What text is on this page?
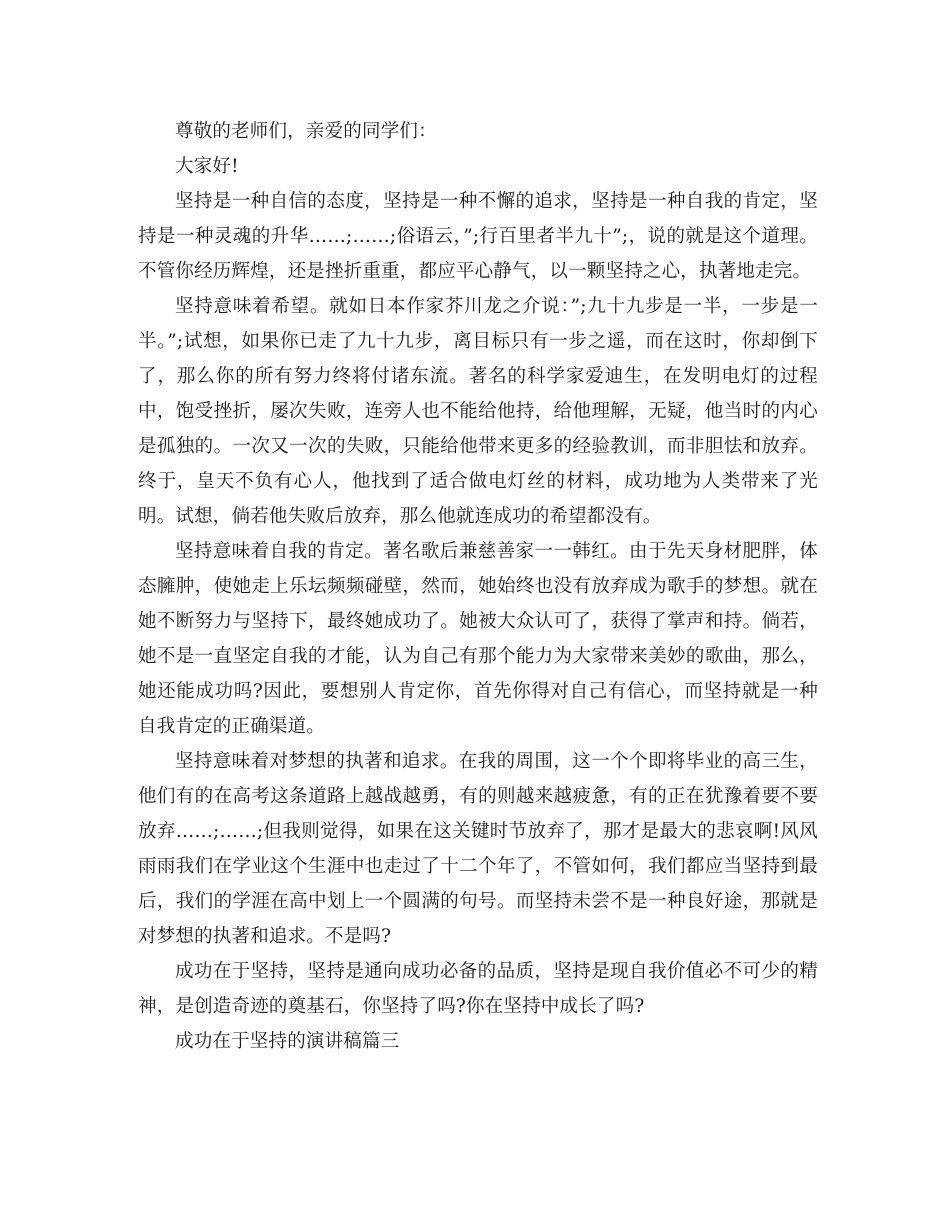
尊敬的老师们，亲爱的同学们：

大家好!

坚持是一种自信的态度，坚持是一种不懈的追求，坚持是一种自我的肯定，坚持是一种灵魂的升华……;……;俗语云，”;行百里者半九十”;，说的就是这个道理。不管你经历辉煌，还是挫折重重，都应平心静气，以一颗坚持之心，执著地走完。

坚持意味着希望。就如日本作家芥川龙之介说：”;九十九步是一半，一步是一半。”;试想，如果你已走了九十九步，离目标只有一步之遥，而在这时，你却倒下了，那么你的所有努力终将付诸东流。著名的科学家爱迪生，在发明电灯的过程中，饱受挫折，屡次失败，连旁人也不能给他持，给他理解，无疑，他当时的内心是孤独的。一次又一次的失败，只能给他带来更多的经验教训，而非胆怯和放弃。终于，皇天不负有心人，他找到了适合做电灯丝的材料，成功地为人类带来了光明。试想，倘若他失败后放弃，那么他就连成功的希望都没有。

坚持意味着自我的肯定。著名歌后兼慈善家一一韩红。由于先天身材肥胖，体态臃肿，使她走上乐坛频频碰壁，然而，她始终也没有放弃成为歌手的梦想。就在她不断努力与坚持下，最终她成功了。她被大众认可了，获得了掌声和持。倘若，她不是一直坚定自我的才能，认为自己有那个能力为大家带来美妙的歌曲，那么，她还能成功吗?因此，要想别人肯定你，首先你得对自己有信心，而坚持就是一种自我肯定的正确渠道。

坚持意味着对梦想的执著和追求。在我的周围，这一个个即将毕业的高三生，他们有的在高考这条道路上越战越勇，有的则越来越疲惫，有的正在犹豫着要不要放弃……;……;但我则觉得，如果在这关键时节放弃了，那才是最大的悲哀啊!风风雨雨我们在学业这个生涯中也走过了十二个年了，不管如何，我们都应当坚持到最后，我们的学涯在高中划上一个圆满的句号。而坚持未尝不是一种良好途，那就是对梦想的执著和追求。不是吗?

成功在于坚持，坚持是通向成功必备的品质，坚持是现自我价值必不可少的精神，是创造奇迹的奠基石，你坚持了吗?你在坚持中成长了吗?

成功在于坚持的演讲稿篇三
